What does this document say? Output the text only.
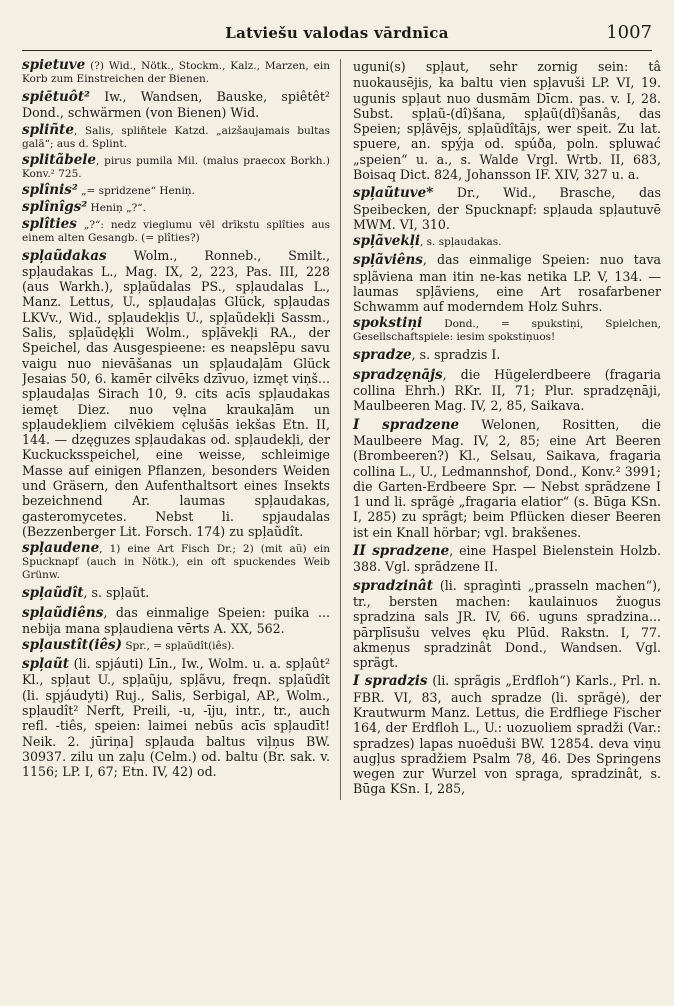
Latviešu valodas vārdnīca	1007

spietuve (?) Wid., Nötk., Stockm., Kalz., Marzen, ein Korb zum Einstreichen der Bienen.

spiētuôt² Iw., Wandsen, Bauske, spiêtêt² Dond., schwärmen (von Bienen) Wid.

spliñte, Salis, spliñtele Katzd. „aizšaujamais bultas galā“; aus d. Splint.

splitãbele, pirus pumila Mil. (malus praecox Borkh.) Konv.² 725.

splînis² „= spridzene“ Heniņ.

splînîgs² Heniņ „?“.

splîties „?“: nedz vieglumu vēl drīkstu splîties aus einem alten Gesangb. (= plîties?)

spļaũdakas Wolm., Ronneb., Smilt., spļaudakas L., Mag. IX, 2, 223, Pas. III, 228 (aus Warkh.), spļaũdalas PS., spļaudalas L., Manz. Lettus, U., spļaudaļas Glück, spļaudas LKVv., Wid., spļaudekļis U., spļaũdekļi Sassm., Salis, spļaũdęķli Wolm., spļãvekļi RA., der Speichel, das Ausgespieene: es neapslēpu savu vaigu nuo nievāšanas un spļaudaļām Glück Jesaias 50, 6. kamēr cilvēks dzīvuo, izmęt viņš... spļaudaļas Sirach 10, 9. cits acīs spļaudakas iemęt Diez. nuo vęlna kraukaļām un spļaudekļiem cilvēkiem cęlušās iekšas Etn. II, 144. — dzęguzes spļaudakas od. spļaudekļi, der Kuckucksspeichel, eine weisse, schleimige Masse auf einigen Pflanzen, besonders Weiden und Gräsern, den Aufenthaltsort eines Insekts bezeichnend Ar. laumas spļaudakas, gasteromycetes. Nebst li. spjaudalas (Bezzenberger Lit. Forsch. 174) zu spļaũdît.

spļaudene, 1) eine Art Fisch Dr.; 2) (mit aũ) ein Spucknapf (auch in Nötk.), ein oft spuckendes Weib Grünw.

spļaũdît, s. spļaũt.

spļaũdiêns, das einmalige Speien: puika ... nebija mana spļaudiena vērts A. XX, 562.

spļaustît(iês) Spr., = spļaũdît(iês).

spļaũt (li. spjáuti) Līn., Iw., Wolm. u. a. spļaût² Kl., spļaut U., spļaũju, spļãvu, freqn. spļaũdît (li. spjáudyti) Ruj., Salis, Serbigal, AP., Wolm., spļaudît² Nerft, Preili, -u, -īju, intr., tr., auch refl. -tiês, speien: laimei nebūs acīs spļaudīt! Neik. 2. jūriņa] spļauda baltus viļņus BW. 30937. zilu un zaļu (Celm.) od. baltu (Br. sak. v. 1156; LP. I, 67; Etn. IV, 42) od.

uguni(s) spļaut, sehr zornig sein: tâ nuokausējis, ka baltu vien spļavuši LP. VI, 19. ugunis spļaut nuo dusmām Dīcm. pas. v. I, 28. Subst. spļaũ-(dî)šana, spļaũ(dî)šanâs, das Speien; spļãvējs, spļaũdîtājs, wer speit. Zu lat. spuere, an. spýja od. spúða, poln. spluwać „speien“ u. a., s. Walde Vrgl. Wrtb. II, 683, Boisaq Dict. 824, Johansson IF. XIV, 327 u. a.

spļaũtuve* Dr., Wid., Brasche, das Speibecken, der Spucknapf: spļauda spļautuvē MWM. VI, 310.

spļãvekļi, s. spļaudakas.

spļãviêns, das einmalige Speien: nuo tava spļãviena man itin ne-kas netika LP. V, 134. — laumas spļãviens, eine Art rosafarbener Schwamm auf moderndem Holz Suhrs.

spokstiņi Dond., = spukstiņi, Spielchen, Gesellschaftspiele: iesim spokstiņuos!

spradze, s. spradzis I.

spradzęnājs, die Hügelerdbeere (fragaria collina Ehrh.) RKr. II, 71; Plur. spradzęnāji, Maulbeeren Mag. IV, 2, 85, Saikava.

I spradzene Welonen, Rositten, die Maulbeere Mag. IV, 2, 85; eine Art Beeren (Brombeeren?) Kl., Selsau, Saikava, fragaria collina L., U., Ledmannshof, Dond., Konv.² 3991; die Garten-Erdbeere Spr. — Nebst sprãdzene I 1 und li. sprãgė „fragaria elatior“ (s. Būga KSn. I, 285) zu sprãgt; beim Pflücken dieser Beeren ist ein Knall hörbar; vgl. brakšenes.

II spradzene, eine Haspel Bielenstein Holzb. 388. Vgl. sprãdzene II.

spradzinât (li. spragìnti „prasseln machen“), tr., bersten machen: kaulainuos žuogus spradzina sals JR. IV, 66. uguns spradzina... pārplīsušu velves ęku Plūd. Rakstn. I, 77. akmeņus spradzinât Dond., Wandsen. Vgl. sprãgt.

I spradzis (li. sprãgis „Erdfloh“) Karls., Prl. n. FBR. VI, 83, auch spradze (li. sprãgė), der Krautwurm Manz. Lettus, die Erdfliege Fischer 164, der Erdfloh L., U.: uozuoliem spradži (Var.: spradzes) lapas nuoēduši BW. 12854. deva viņu augļus spradžiem Psalm 78, 46. Des Springens wegen zur Wurzel von spraga, spradzinât, s. Būga KSn. I, 285,
